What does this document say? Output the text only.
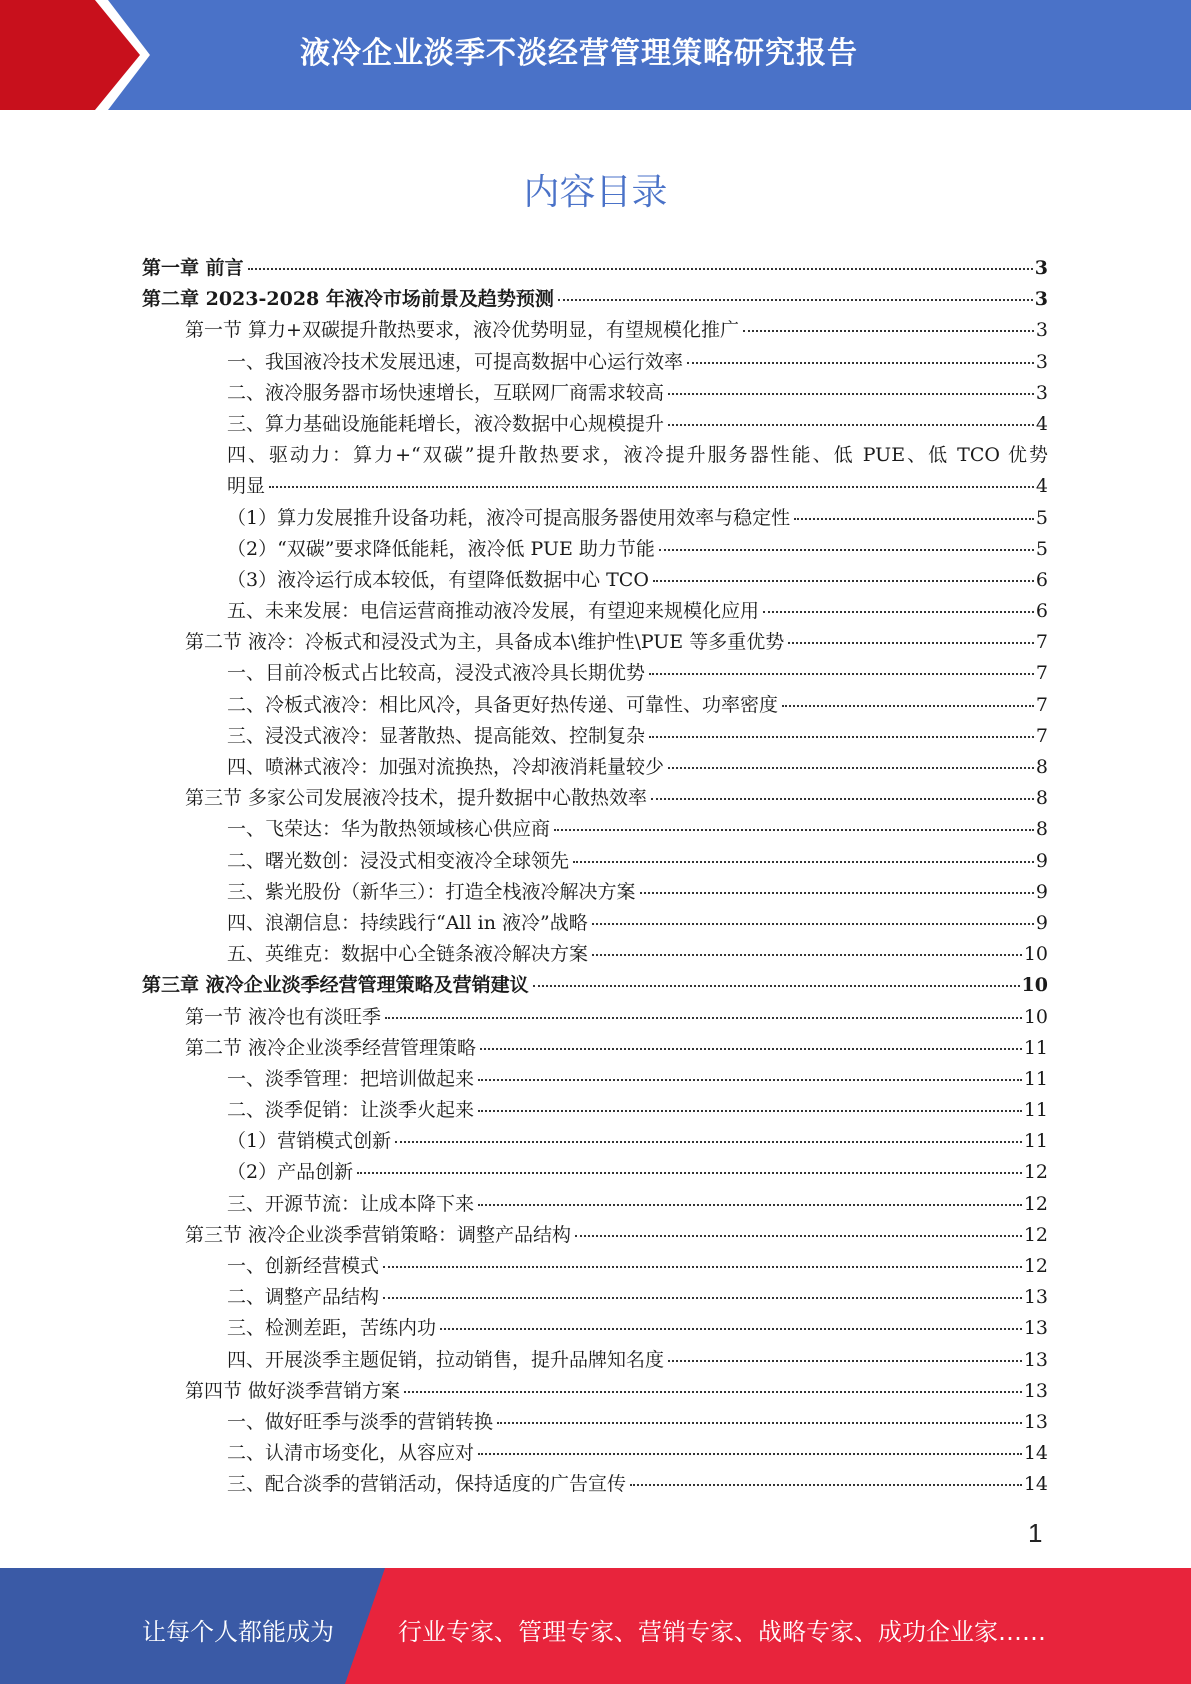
液冷企业淡季不淡经营管理策略研究报告
内容目录
第一章 前言	3
第二章 2023-2028 年液冷市场前景及趋势预测	3
第一节 算力+双碳提升散热要求，液冷优势明显，有望规模化推广	3
一、我国液冷技术发展迅速，可提高数据中心运行效率	3
二、液冷服务器市场快速增长，互联网厂商需求较高	3
三、算力基础设施能耗增长，液冷数据中心规模提升	4
四、驱动力：算力+“双碳”提升散热要求，液冷提升服务器性能、低 PUE、低 TCO 优势
明显	4
（1）算力发展推升设备功耗，液冷可提高服务器使用效率与稳定性	5
（2）“双碳”要求降低能耗，液冷低 PUE 助力节能	5
（3）液冷运行成本较低，有望降低数据中心 TCO	6
五、未来发展：电信运营商推动液冷发展，有望迎来规模化应用	6
第二节 液冷：冷板式和浸没式为主，具备成本\维护性\PUE 等多重优势	7
一、目前冷板式占比较高，浸没式液冷具长期优势	7
二、冷板式液冷：相比风冷，具备更好热传递、可靠性、功率密度	7
三、浸没式液冷：显著散热、提高能效、控制复杂	7
四、喷淋式液冷：加强对流换热，冷却液消耗量较少	8
第三节 多家公司发展液冷技术，提升数据中心散热效率	8
一、飞荣达：华为散热领域核心供应商	8
二、曙光数创：浸没式相变液冷全球领先	9
三、紫光股份（新华三）：打造全栈液冷解决方案	9
四、浪潮信息：持续践行“All in 液冷”战略	9
五、英维克：数据中心全链条液冷解决方案	10
第三章 液冷企业淡季经营管理策略及营销建议	10
第一节 液冷也有淡旺季	10
第二节 液冷企业淡季经营管理策略	11
一、淡季管理：把培训做起来	11
二、淡季促销：让淡季火起来	11
（1）营销模式创新	11
（2）产品创新	12
三、开源节流：让成本降下来	12
第三节 液冷企业淡季营销策略：调整产品结构	12
一、创新经营模式	12
二、调整产品结构	13
三、检测差距，苦练内功	13
四、开展淡季主题促销，拉动销售，提升品牌知名度	13
第四节 做好淡季营销方案	13
一、做好旺季与淡季的营销转换	13
二、认清市场变化，从容应对	14
三、配合淡季的营销活动，保持适度的广告宣传	14
1
让每个人都能成为	行业专家、管理专家、营销专家、战略专家、成功企业家……
